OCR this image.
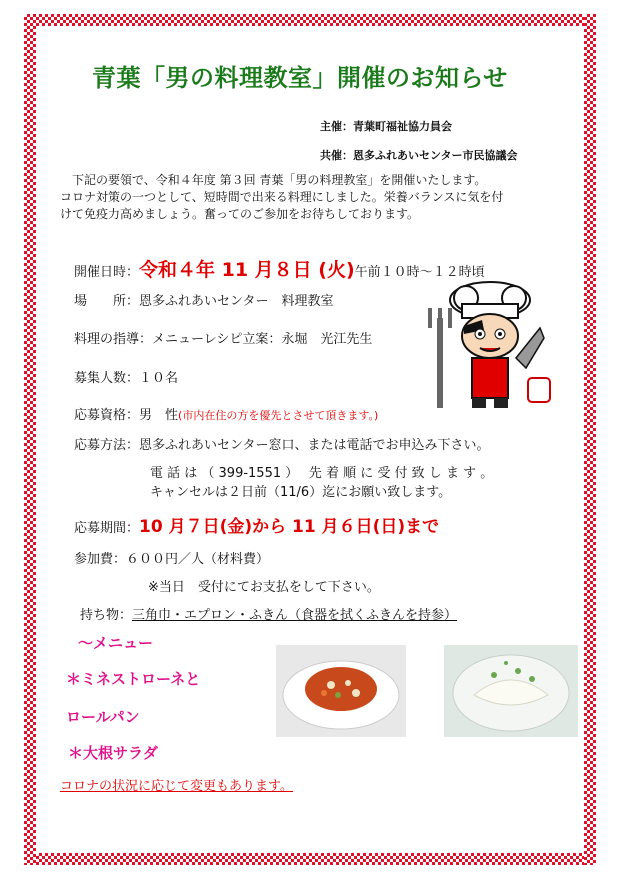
青葉「男の料理教室」開催のお知らせ
主催：青葉町福祉協力員会
共催：恩多ふれあいセンター市民協議会
下記の要領で、令和４年度 第３回 青葉「男の料理教室」を開催いたします。
コロナ対策の一つとして、短時間で出来る料理にしました。栄養バランスに気を付
けて免疫力高めましょう。奮ってのご参加をお待ちしております。
開催日時：令和４年 11 月８日 (火)午前１０時～１２時頃
場　　所：恩多ふれあいセンター　料理教室
料理の指導：メニューレシピ立案：永堀　光江先生
募集人数：１０名
応募資格：男　性(市内在住の方を優先とさせて頂きます。)
応募方法：恩多ふれあいセンター窓口、または電話でお申込み下さい。
電 話 は （ 399-1551 ）　 先 着 順 に 受 付 致 し ま す 。
キャンセルは２日前（11/6）迄にお願い致します。
応募期間：10 月７日(金)から 11 月６日(日)まで
参加費：６００円／人（材料費）
※当日　受付にてお支払をして下さい。
持ち物：三角巾・エプロン・ふきん（食器を拭くふきんを持参）
～メニュー
＊ミネストローネと
ロールパン
＊大根サラダ
コロナの状況に応じて変更もあります。
